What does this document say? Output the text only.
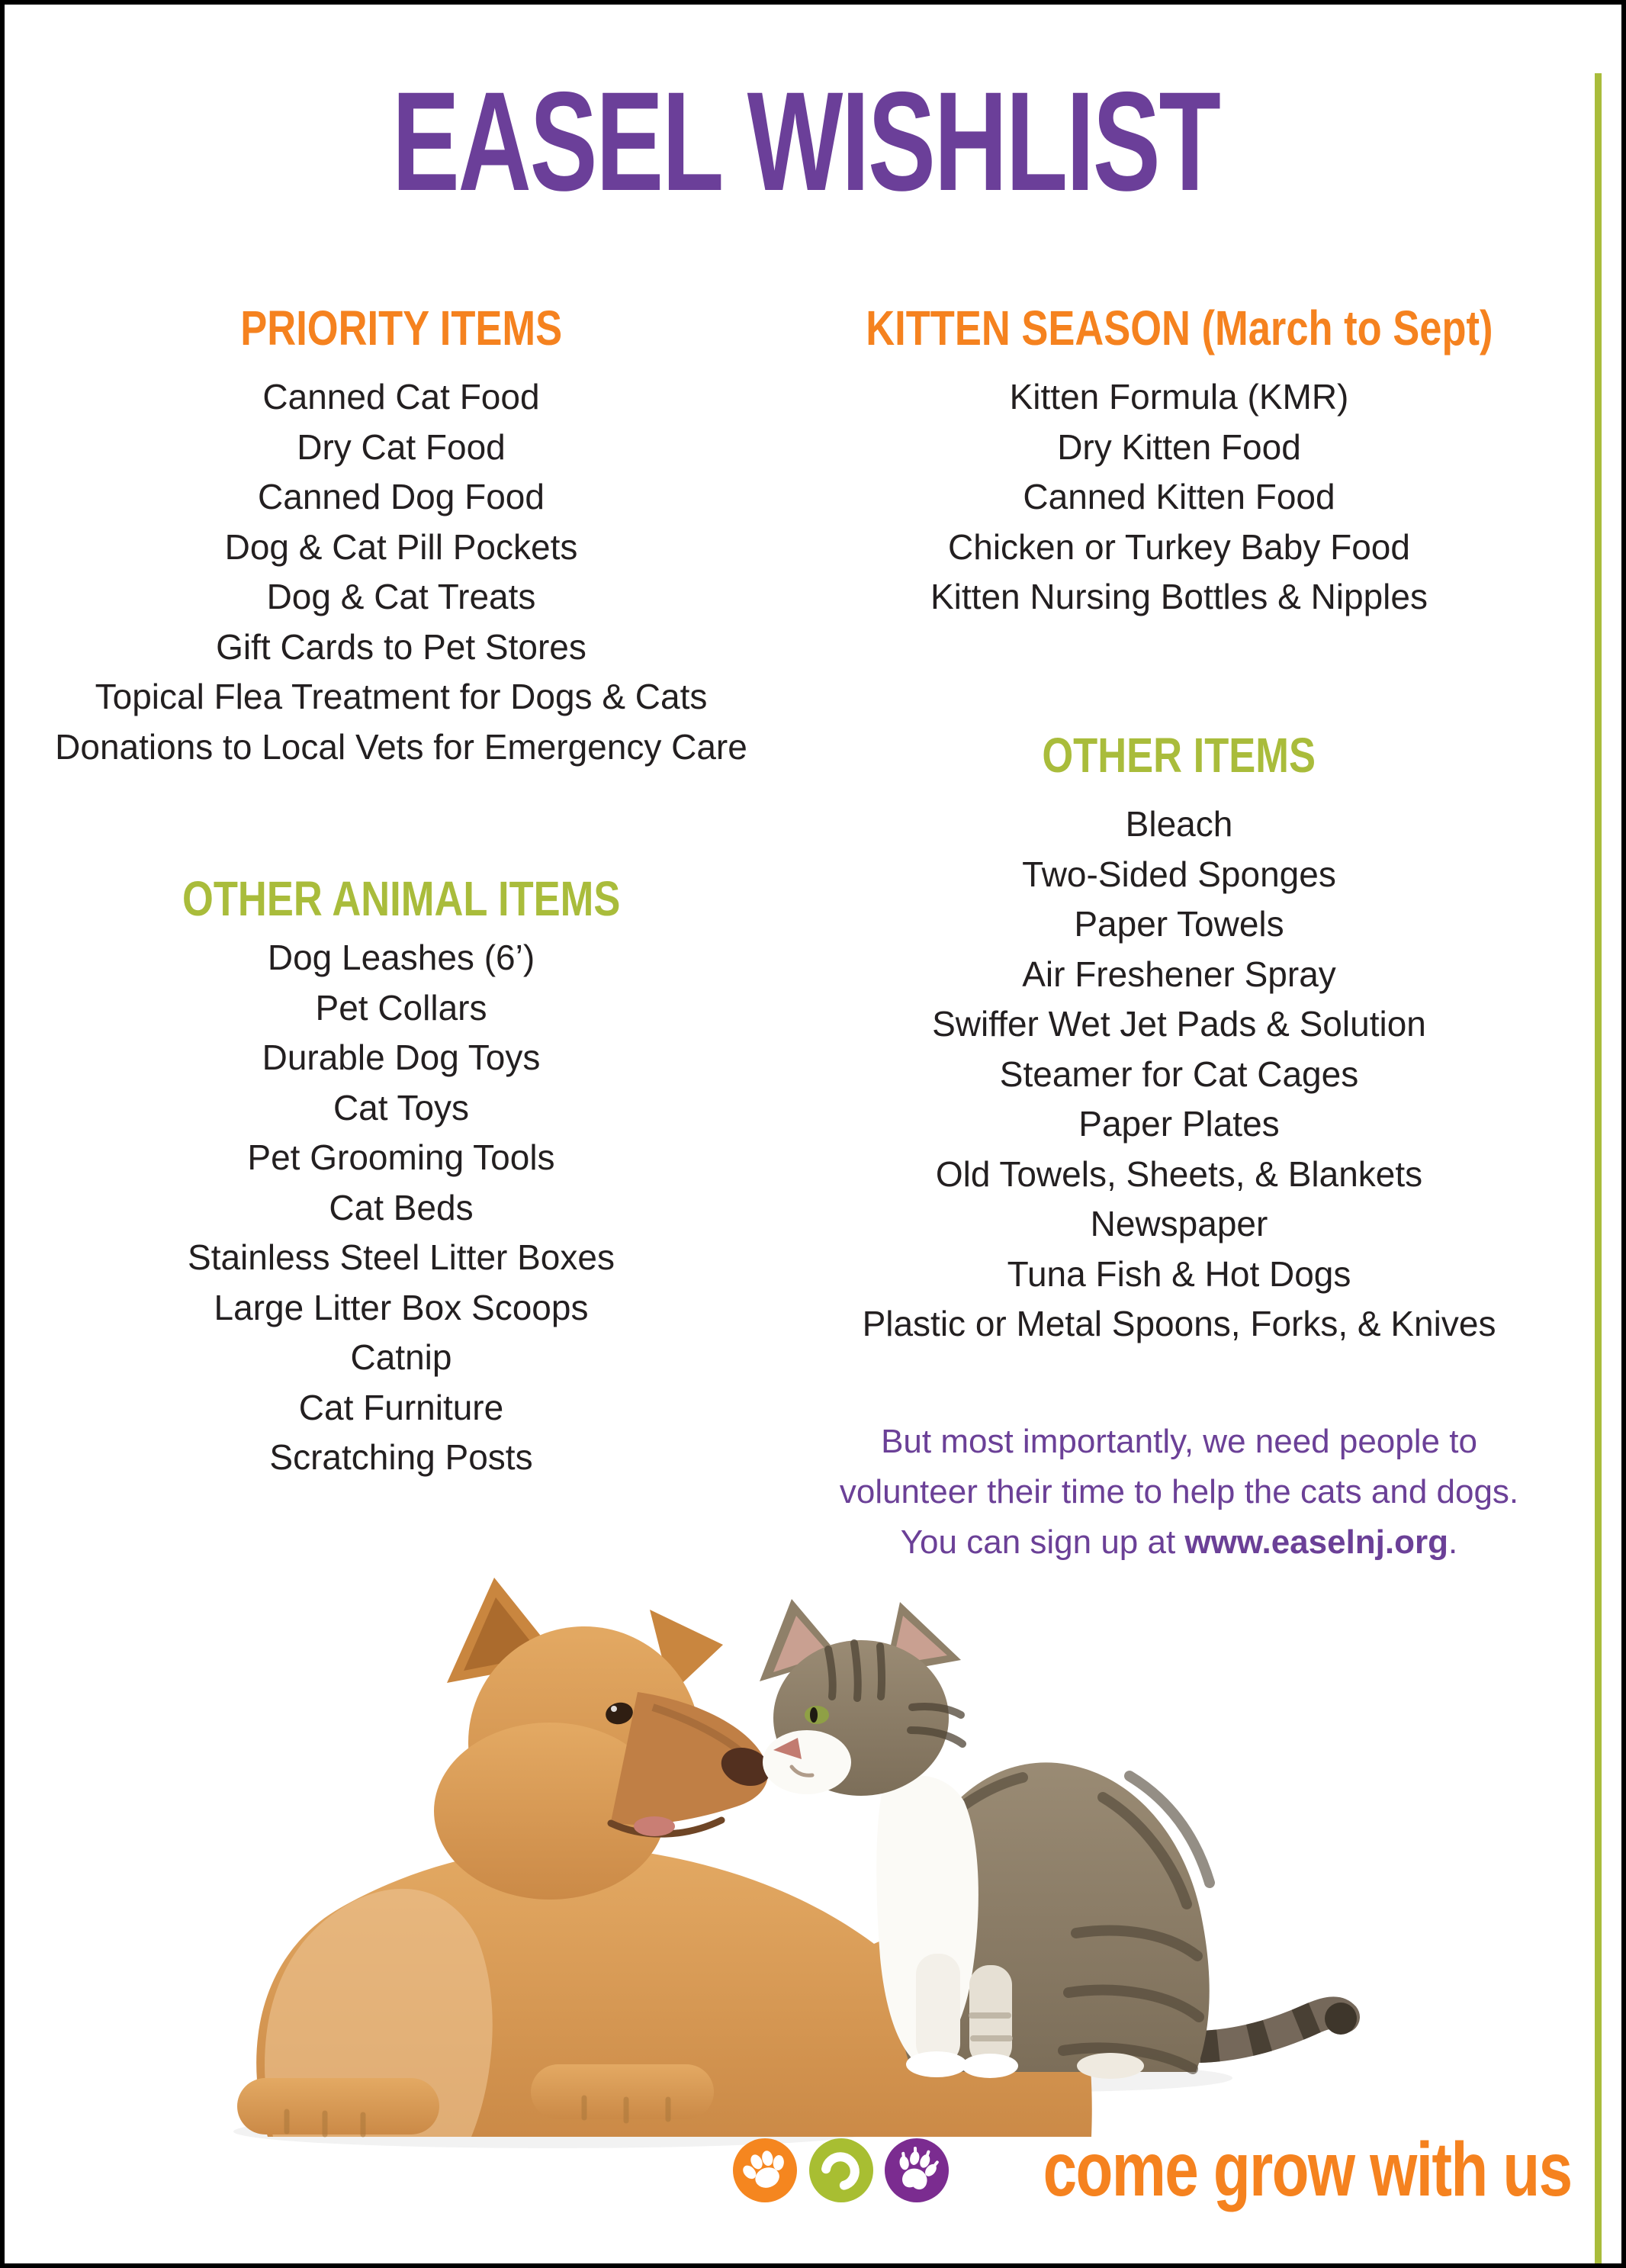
EASEL WISHLIST
PRIORITY ITEMS
Canned Cat Food
Dry Cat Food
Canned Dog Food
Dog & Cat Pill Pockets
Dog & Cat Treats
Gift Cards to Pet Stores
Topical Flea Treatment for Dogs & Cats
Donations to Local Vets for Emergency Care
OTHER ANIMAL ITEMS
Dog Leashes (6’)
Pet Collars
Durable Dog Toys
Cat Toys
Pet Grooming Tools
Cat Beds
Stainless Steel Litter Boxes
Large Litter Box Scoops
Catnip
Cat Furniture
Scratching Posts
KITTEN SEASON (March to Sept)
Kitten Formula (KMR)
Dry Kitten Food
Canned Kitten Food
Chicken or Turkey Baby Food
Kitten Nursing Bottles & Nipples
OTHER ITEMS
Bleach
Two-Sided Sponges
Paper Towels
Air Freshener Spray
Swiffer Wet Jet Pads & Solution
Steamer for Cat Cages
Paper Plates
Old Towels, Sheets, & Blankets
Newspaper
Tuna Fish & Hot Dogs
Plastic or Metal Spoons, Forks, & Knives
But most importantly, we need people to
volunteer their time to help the cats and dogs.
You can sign up at www.easelnj.org.
come grow with us
